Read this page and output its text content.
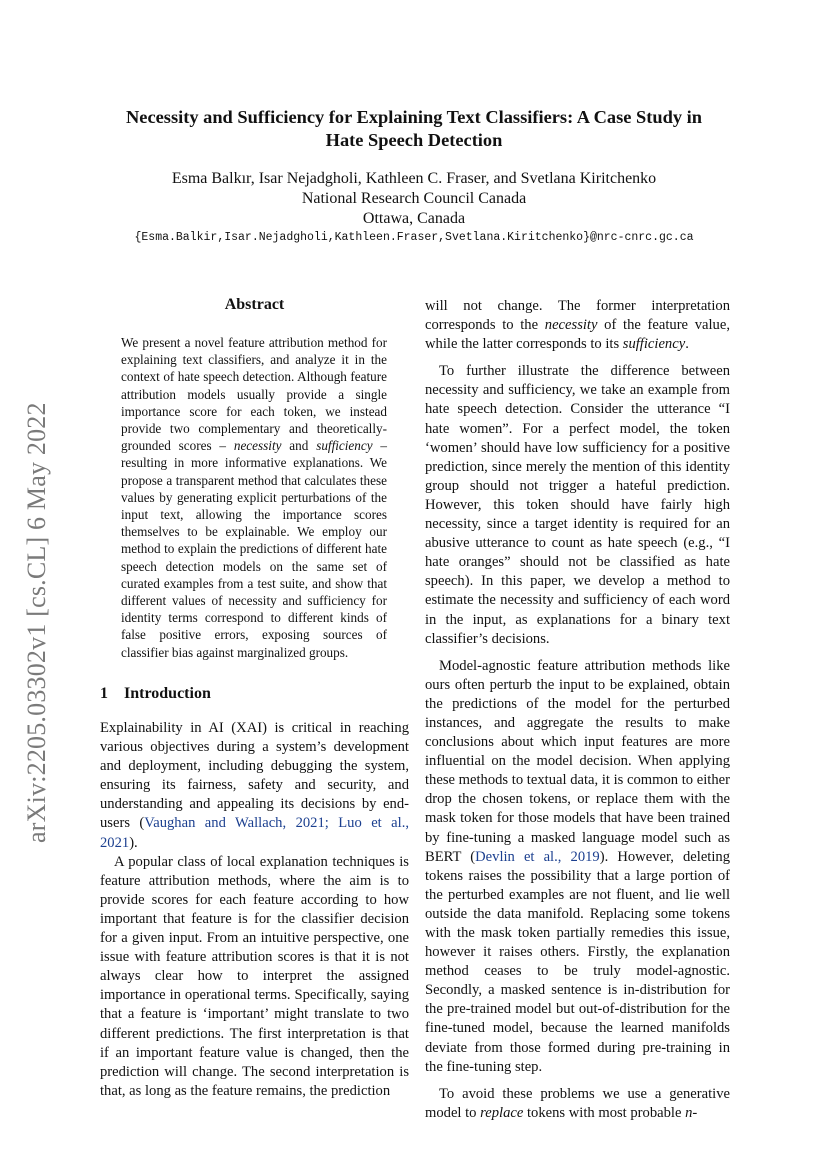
arXiv:2205.03302v1 [cs.CL] 6 May 2022
Necessity and Sufficiency for Explaining Text Classifiers: A Case Study in
Hate Speech Detection
Esma Balkır, Isar Nejadgholi, Kathleen C. Fraser, and Svetlana Kiritchenko
National Research Council Canada
Ottawa, Canada
{Esma.Balkir,Isar.Nejadgholi,Kathleen.Fraser,Svetlana.Kiritchenko}@nrc-cnrc.gc.ca
Abstract

We present a novel feature attribution method for explaining text classifiers, and analyze it in the context of hate speech detection. Although feature attribution models usually provide a single importance score for each token, we instead provide two complementary and theoretically-grounded scores – necessity and sufficiency – resulting in more informative explanations. We propose a transparent method that calculates these values by generating explicit perturbations of the input text, allowing the importance scores themselves to be explainable. We employ our method to explain the predictions of different hate speech detection models on the same set of curated examples from a test suite, and show that different values of necessity and sufficiency for identity terms correspond to different kinds of false positive errors, exposing sources of classifier bias against marginalized groups.

1 Introduction

Explainability in AI (XAI) is critical in reaching various objectives during a system’s development and deployment, including debugging the system, ensuring its fairness, safety and security, and understanding and appealing its decisions by end-users (Vaughan and Wallach, 2021; Luo et al., 2021).

A popular class of local explanation techniques is feature attribution methods, where the aim is to provide scores for each feature according to how important that feature is for the classifier decision for a given input. From an intuitive perspective, one issue with feature attribution scores is that it is not always clear how to interpret the assigned importance in operational terms. Specifically, saying that a feature is ‘important’ might translate to two different predictions. The first interpretation is that if an important feature value is changed, then the prediction will change. The second interpretation is that, as long as the feature remains, the prediction

will not change. The former interpretation corresponds to the necessity of the feature value, while the latter corresponds to its sufficiency.

To further illustrate the difference between necessity and sufficiency, we take an example from hate speech detection. Consider the utterance “I hate women”. For a perfect model, the token ‘women’ should have low sufficiency for a positive prediction, since merely the mention of this identity group should not trigger a hateful prediction. However, this token should have fairly high necessity, since a target identity is required for an abusive utterance to count as hate speech (e.g., “I hate oranges” should not be classified as hate speech). In this paper, we develop a method to estimate the necessity and sufficiency of each word in the input, as explanations for a binary text classifier’s decisions.

Model-agnostic feature attribution methods like ours often perturb the input to be explained, obtain the predictions of the model for the perturbed instances, and aggregate the results to make conclusions about which input features are more influential on the model decision. When applying these methods to textual data, it is common to either drop the chosen tokens, or replace them with the mask token for those models that have been trained by fine-tuning a masked language model such as BERT (Devlin et al., 2019). However, deleting tokens raises the possibility that a large portion of the perturbed examples are not fluent, and lie well outside the data manifold. Replacing some tokens with the mask token partially remedies this issue, however it raises others. Firstly, the explanation method ceases to be truly model-agnostic. Secondly, a masked sentence is in-distribution for the pre-trained model but out-of-distribution for the fine-tuned model, because the learned manifolds deviate from those formed during pre-training in the fine-tuning step.

To avoid these problems we use a generative model to replace tokens with most probable n-
